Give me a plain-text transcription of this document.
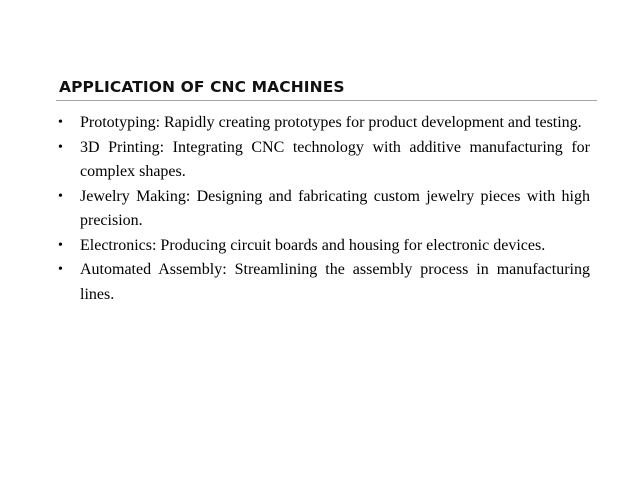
APPLICATION OF CNC MACHINES
• Prototyping: Rapidly creating prototypes for product development and testing.
• 3D Printing: Integrating CNC technology with additive manufacturing for complex shapes.
• Jewelry Making: Designing and fabricating custom jewelry pieces with high precision.
• Electronics: Producing circuit boards and housing for electronic devices.
• Automated Assembly: Streamlining the assembly process in manufacturing lines.
